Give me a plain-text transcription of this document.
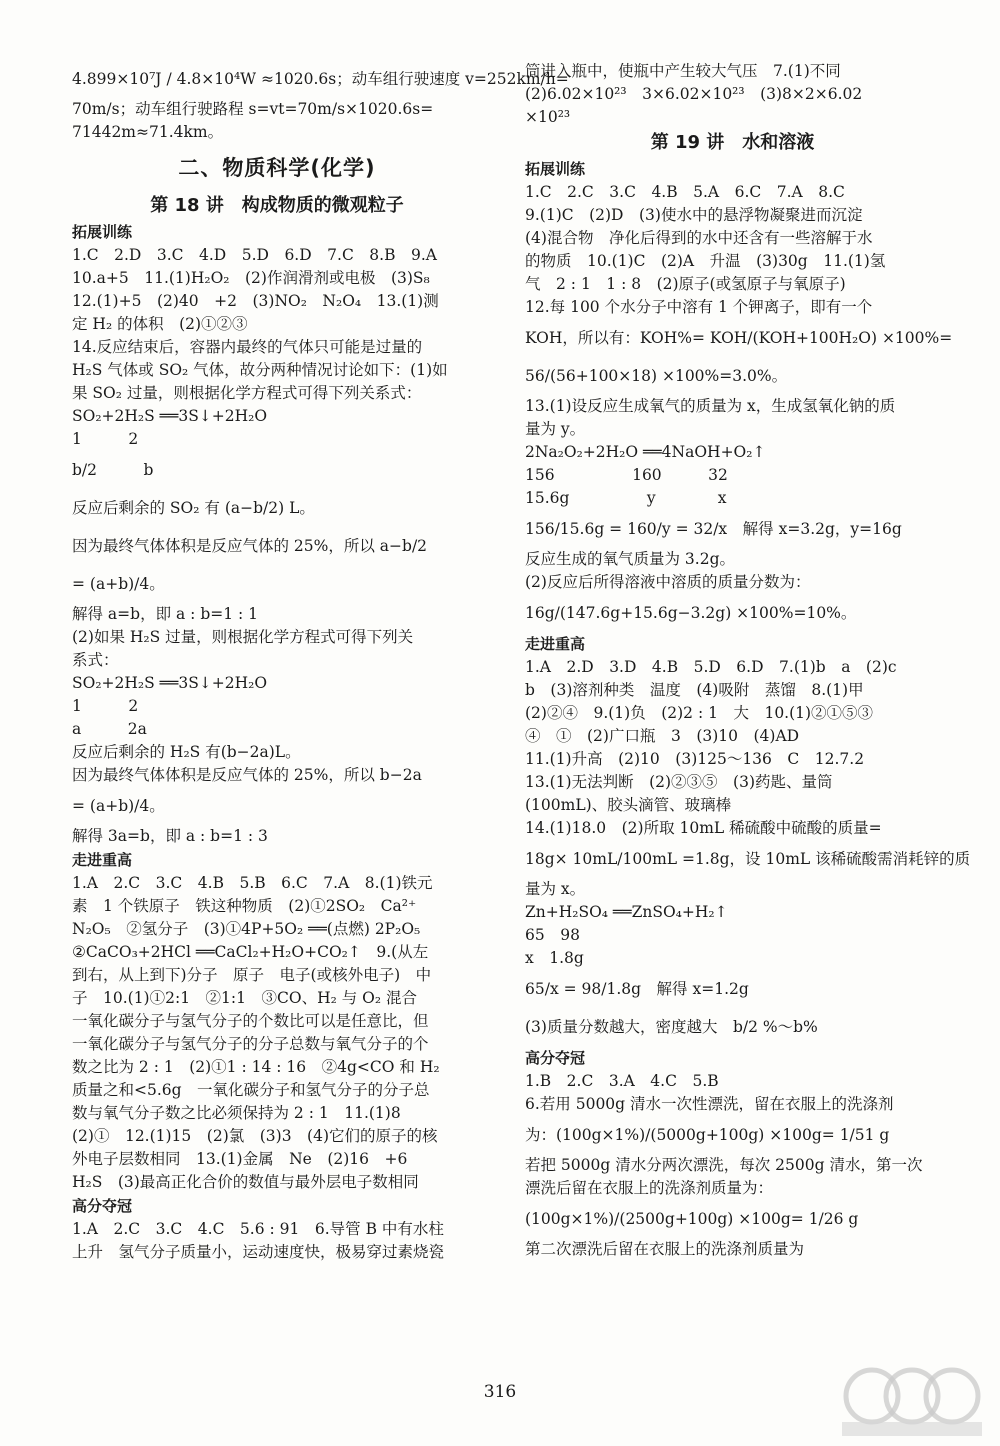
4.899×10⁷J / 4.8×10⁴W ≈1020.6s；动车组行驶速度 v=252km/h=
70m/s；动车组行驶路程 s=vt=70m/s×1020.6s=
71442m≈71.4km。
二、物质科学(化学)
第 18 讲　构成物质的微观粒子
拓展训练
1.C　2.D　3.C　4.D　5.D　6.D　7.C　8.B　9.A
10.a+5　11.(1)H₂O₂　(2)作润滑剂或电极　(3)S₈
12.(1)+5　(2)40　+2　(3)NO₂　N₂O₄　13.(1)测
定 H₂ 的体积　(2)①②③
14.反应结束后，容器内最终的气体只可能是过量的
H₂S 气体或 SO₂ 气体，故分两种情况讨论如下：(1)如
果 SO₂ 过量，则根据化学方程式可得下列关系式：
SO₂+2H₂S ══3S↓+2H₂O
1　　　2
b/2　　　b
反应后剩余的 SO₂ 有 (a−b/2) L。
因为最终气体体积是反应气体的 25%，所以 a−b/2
= (a+b)/4。
解得 a=b，即 a : b=1 : 1
(2)如果 H₂S 过量，则根据化学方程式可得下列关
系式：
SO₂+2H₂S ══3S↓+2H₂O
1　　　2
a　　　2a
反应后剩余的 H₂S 有(b−2a)L。
因为最终气体体积是反应气体的 25%，所以 b−2a
= (a+b)/4。
解得 3a=b，即 a : b=1 : 3
走进重高
1.A　2.C　3.C　4.B　5.B　6.C　7.A　8.(1)铁元
素　1 个铁原子　铁这种物质　(2)①2SO₂　Ca²⁺
N₂O₅　②氢分子　(3)①4P+5O₂ ══(点燃) 2P₂O₅
②CaCO₃+2HCl ══CaCl₂+H₂O+CO₂↑　9.(从左
到右，从上到下)分子　原子　电子(或核外电子)　中
子　10.(1)①2:1　②1:1　③CO、H₂ 与 O₂ 混合
一氧化碳分子与氢气分子的个数比可以是任意比，但
一氧化碳分子与氢气分子的分子总数与氧气分子的个
数之比为 2 : 1　(2)①1 : 14 : 16　②4g<CO 和 H₂
质量之和<5.6g　一氧化碳分子和氢气分子的分子总
数与氧气分子数之比必须保持为 2 : 1　11.(1)8
(2)①　12.(1)15　(2)氯　(3)3　(4)它们的原子的核
外电子层数相同　13.(1)金属　Ne　(2)16　+6
H₂S　(3)最高正化合价的数值与最外层电子数相同
高分夺冠
1.A　2.C　3.C　4.C　5.6 : 91　6.导管 B 中有水柱
上升　氢气分子质量小，运动速度快，极易穿过素烧瓷
筒进入瓶中，使瓶中产生较大气压　7.(1)不同
(2)6.02×10²³　3×6.02×10²³　(3)8×2×6.02
×10²³
第 19 讲　水和溶液
拓展训练
1.C　2.C　3.C　4.B　5.A　6.C　7.A　8.C
9.(1)C　(2)D　(3)使水中的悬浮物凝聚进而沉淀
(4)混合物　净化后得到的水中还含有一些溶解于水
的物质　10.(1)C　(2)A　升温　(3)30g　11.(1)氢
气　2 : 1　1 : 8　(2)原子(或氢原子与氧原子)
12.每 100 个水分子中溶有 1 个钾离子，即有一个
KOH，所以有：KOH%= KOH/(KOH+100H₂O) ×100%=
56/(56+100×18) ×100%=3.0%。
13.(1)设反应生成氧气的质量为 x，生成氢氧化钠的质
量为 y。
2Na₂O₂+2H₂O ══4NaOH+O₂↑
156　　　　　160　　　32
15.6g　　　　　y　　　　x
156/15.6g = 160/y = 32/x　解得 x=3.2g，y=16g
反应生成的氧气质量为 3.2g。
(2)反应后所得溶液中溶质的质量分数为：
16g/(147.6g+15.6g−3.2g) ×100%=10%。
走进重高
1.A　2.D　3.D　4.B　5.D　6.D　7.(1)b　a　(2)c
b　(3)溶剂种类　温度　(4)吸附　蒸馏　8.(1)甲
(2)②④　9.(1)负　(2)2 : 1　大　10.(1)②①⑤③
④　①　(2)广口瓶　3　(3)10　(4)AD
11.(1)升高　(2)10　(3)125～136　C　12.7.2
13.(1)无法判断　(2)②③⑤　(3)药匙、量筒
(100mL)、胶头滴管、玻璃棒
14.(1)18.0　(2)所取 10mL 稀硫酸中硫酸的质量=
18g× 10mL/100mL =1.8g，设 10mL 该稀硫酸需消耗锌的质
量为 x。
Zn+H₂SO₄ ══ZnSO₄+H₂↑
65　98
x　1.8g
65/x = 98/1.8g　解得 x=1.2g
(3)质量分数越大，密度越大　b/2 %～b%
高分夺冠
1.B　2.C　3.A　4.C　5.B
6.若用 5000g 清水一次性漂洗，留在衣服上的洗涤剂
为：(100g×1%)/(5000g+100g) ×100g= 1/51 g
若把 5000g 清水分两次漂洗，每次 2500g 清水，第一次
漂洗后留在衣服上的洗涤剂质量为：
(100g×1%)/(2500g+100g) ×100g= 1/26 g
第二次漂洗后留在衣服上的洗涤剂质量为
316
